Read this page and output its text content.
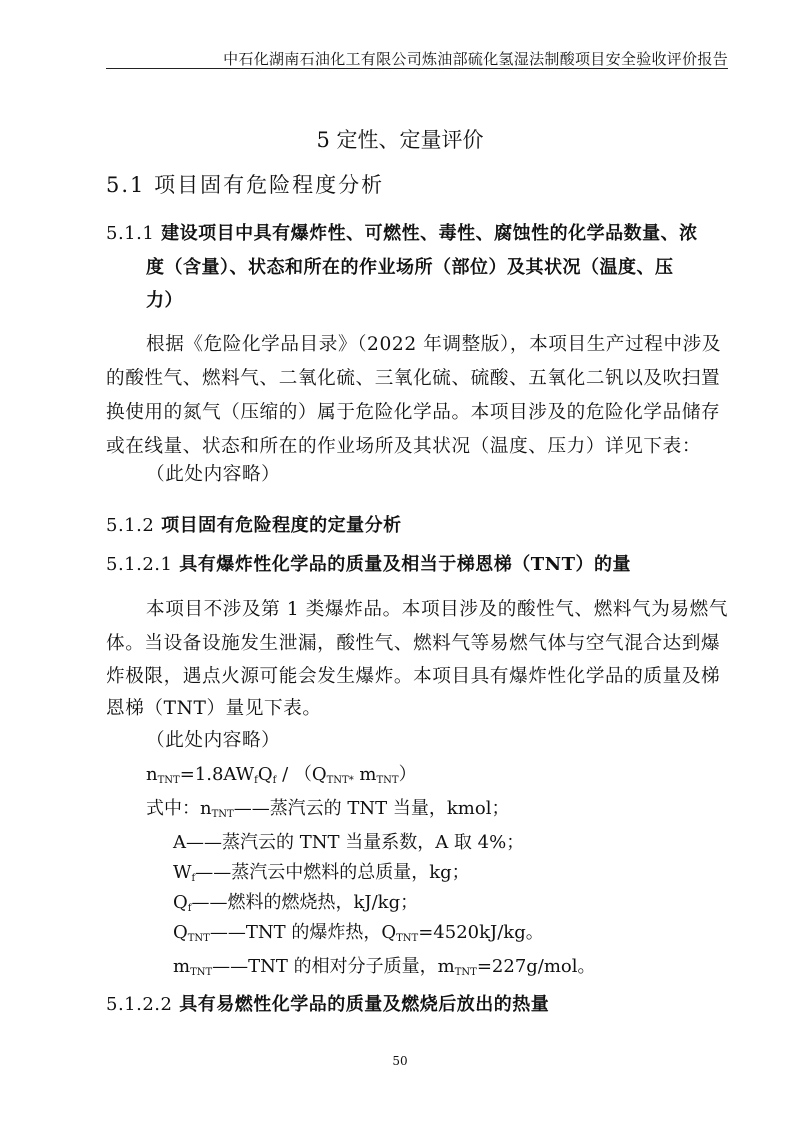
中石化湖南石油化工有限公司炼油部硫化氢湿法制酸项目安全验收评价报告
5 定性、定量评价
5.1 项目固有危险程度分析
5.1.1 建设项目中具有爆炸性、可燃性、毒性、腐蚀性的化学品数量、浓
度（含量）、状态和所在的作业场所（部位）及其状况（温度、压
力）
根据《危险化学品目录》（2022 年调整版），本项目生产过程中涉及
的酸性气、燃料气、二氧化硫、三氧化硫、硫酸、五氧化二钒以及吹扫置
换使用的氮气（压缩的）属于危险化学品。本项目涉及的危险化学品储存
或在线量、状态和所在的作业场所及其状况（温度、压力）详见下表：
（此处内容略）
5.1.2 项目固有危险程度的定量分析
5.1.2.1 具有爆炸性化学品的质量及相当于梯恩梯（TNT）的量
本项目不涉及第 1 类爆炸品。本项目涉及的酸性气、燃料气为易燃气
体。当设备设施发生泄漏，酸性气、燃料气等易燃气体与空气混合达到爆
炸极限，遇点火源可能会发生爆炸。本项目具有爆炸性化学品的质量及梯
恩梯（TNT）量见下表。
（此处内容略）
$n_{TNT}=1.8AW_fQ_f / (Q_{TNT*}$ $m_{TNT}$）
式中：$n_{TNT}——$蒸汽云的 TNT 当量，kmol；
A——蒸汽云的 TNT 当量系数，A 取 4%；
$W_f——$蒸汽云中燃料的总质量，kg；
$Q_f——$燃料的燃烧热，kJ/kg；
$Q_{TNT}——TNT$ 的爆炸热，$Q_{TNT}=4520kJ/kg$。
$m_{TNT}——TNT$ 的相对分子质量，$m_{TNT}=227g$/mol。
5.1.2.2 具有易燃性化学品的质量及燃烧后放出的热量
50
